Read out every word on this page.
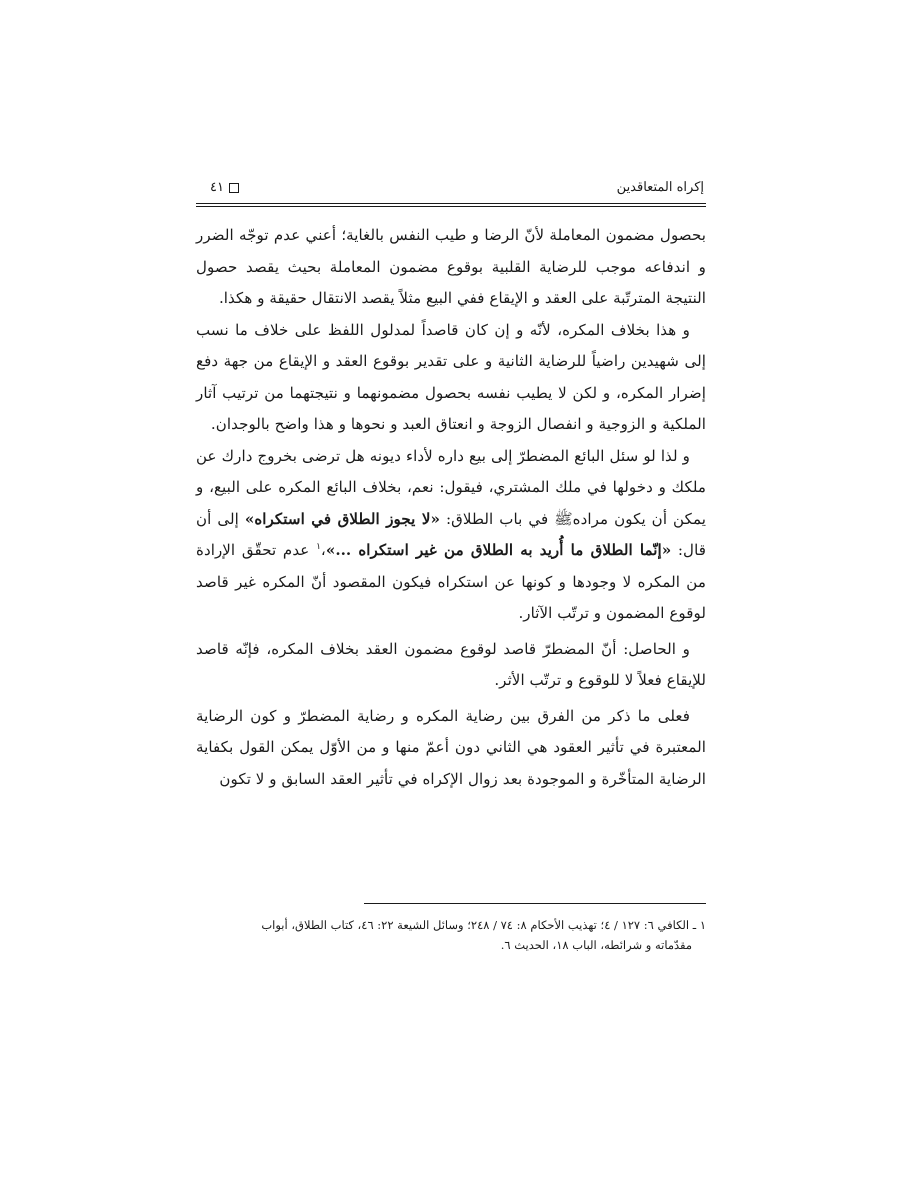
إكراه المتعاقدين
٤١

بحصول مضمون المعاملة لأنّ الرضا و طيب النفس بالغاية؛ أعني عدم توجّه الضرر و اندفاعه موجب للرضاية القلبية بوقوع مضمون المعاملة بحيث يقصد حصول النتيجة المترتّبة على العقد و الإيقاع ففي البيع مثلاً يقصد الانتقال حقيقة و هكذا.

و هذا بخلاف المكره، لأنّه و إن كان قاصداً لمدلول اللفظ على خلاف ما نسب إلى شهيدين راضياً للرضاية الثانية و على تقدير بوقوع العقد و الإيقاع من جهة دفع إضرار المكره، و لكن لا يطيب نفسه بحصول مضمونهما و نتيجتهما من ترتيب آثار الملكية و الزوجية و انفصال الزوجة و انعتاق العبد و نحوها و هذا واضح بالوجدان.

و لذا لو سئل البائع المضطرّ إلى بيع داره لأداء ديونه هل ترضى بخروج دارك عن ملكك و دخولها في ملك المشتري، فيقول: نعم، بخلاف البائع المكره على البيع، و يمكن أن يكون مرادهﷺ في باب الطلاق: «لا يجوز الطلاق في استكراه» إلى أن قال: «إنّما الطلاق ما أُريد به الطلاق من غير استكراه ...»،$^١$ عدم تحقّق الإرادة من المكره لا وجودها و كونها عن استكراه فيكون المقصود أنّ المكره غير قاصد لوقوع المضمون و ترتّب الآثار.

و الحاصل: أنّ المضطرّ قاصد لوقوع مضمون العقد بخلاف المكره، فإنّه قاصد للإيقاع فعلاً لا للوقوع و ترتّب الأثر.

فعلى ما ذكر من الفرق بين رضاية المكره و رضاية المضطرّ و كون الرضاية المعتبرة في تأثير العقود هي الثاني دون أعمّ منها و من الأوّل يمكن القول بكفاية الرضاية المتأخّرة و الموجودة بعد زوال الإكراه في تأثير العقد السابق و لا تكون

١ ـ الكافي ٦: ١٢٧ / ٤؛ تهذيب الأحكام ٨: ٧٤ / ٢٤٨؛ وسائل الشيعة ٢٢: ٤٦، كتاب الطلاق، أبواب
مقدّماته و شرائطه، الباب ١٨، الحديث ٦.
